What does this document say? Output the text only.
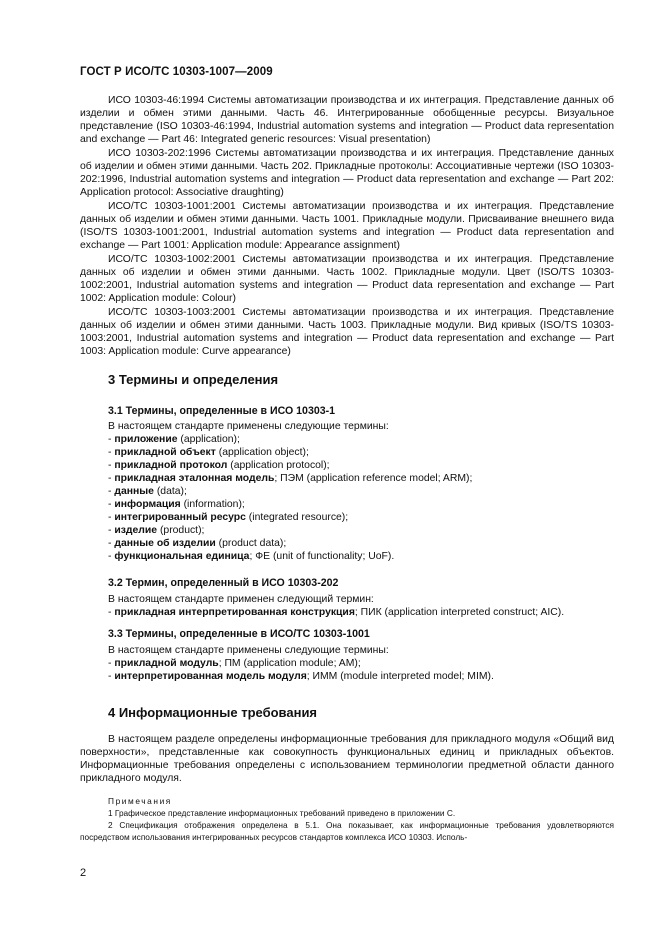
ГОСТ Р ИСО/ТС 10303-1007—2009

ИСО 10303-46:1994 Системы автоматизации производства и их интеграция. Представление данных об изделии и обмен этими данными. Часть 46. Интегрированные обобщенные ресурсы. Визуальное представление (ISO 10303-46:1994, Industrial automation systems and integration — Product data representation and exchange — Part 46: Integrated generic resources: Visual presentation)

ИСО 10303-202:1996 Системы автоматизации производства и их интеграция. Представление данных об изделии и обмен этими данными. Часть 202. Прикладные протоколы: Ассоциативные чертежи (ISO 10303-202:1996, Industrial automation systems and integration — Product data representation and exchange — Part 202: Application protocol: Associative draughting)

ИСО/ТС 10303-1001:2001 Системы автоматизации производства и их интеграция. Представление данных об изделии и обмен этими данными. Часть 1001. Прикладные модули. Присваивание внешнего вида (ISO/TS 10303-1001:2001, Industrial automation systems and integration — Product data representation and exchange — Part 1001: Application module: Appearance assignment)

ИСО/ТС 10303-1002:2001 Системы автоматизации производства и их интеграция. Представление данных об изделии и обмен этими данными. Часть 1002. Прикладные модули. Цвет (ISO/TS 10303-1002:2001, Industrial automation systems and integration — Product data representation and exchange — Part 1002: Application module: Colour)

ИСО/ТС 10303-1003:2001 Системы автоматизации производства и их интеграция. Представление данных об изделии и обмен этими данными. Часть 1003. Прикладные модули. Вид кривых (ISO/TS 10303-1003:2001, Industrial automation systems and integration — Product data representation and exchange — Part 1003: Application module: Curve appearance)

3 Термины и определения
3.1 Термины, определенные в ИСО 10303-1
В настоящем стандарте применены следующие термины:
- приложение (application);
- прикладной объект (application object);
- прикладной протокол (application protocol);
- прикладная эталонная модель; ПЭМ (application reference model; ARM);
- данные (data);
- информация (information);
- интегрированный ресурс (integrated resource);
- изделие (product);
- данные об изделии (product data);
- функциональная единица; ФЕ (unit of functionality; UoF).
3.2 Термин, определенный в ИСО 10303-202
В настоящем стандарте применен следующий термин:
- прикладная интерпретированная конструкция; ПИК (application interpreted construct; AIC).
3.3 Термины, определенные в ИСО/ТС 10303-1001
В настоящем стандарте применены следующие термины:
- прикладной модуль; ПМ (application module; AM);
- интерпретированная модель модуля; ИММ (module interpreted model; MIM).
4 Информационные требования

В настоящем разделе определены информационные требования для прикладного модуля «Общий вид поверхности», представленные как совокупность функциональных единиц и прикладных объектов. Информационные требования определены с использованием терминологии предметной области данного прикладного модуля.

Примечания

1 Графическое представление информационных требований приведено в приложении С.

2 Спецификация отображения определена в 5.1. Она показывает, как информационные требования удовлетворяются посредством использования интегрированных ресурсов стандартов комплекса ИСО 10303. Исполь-

2
